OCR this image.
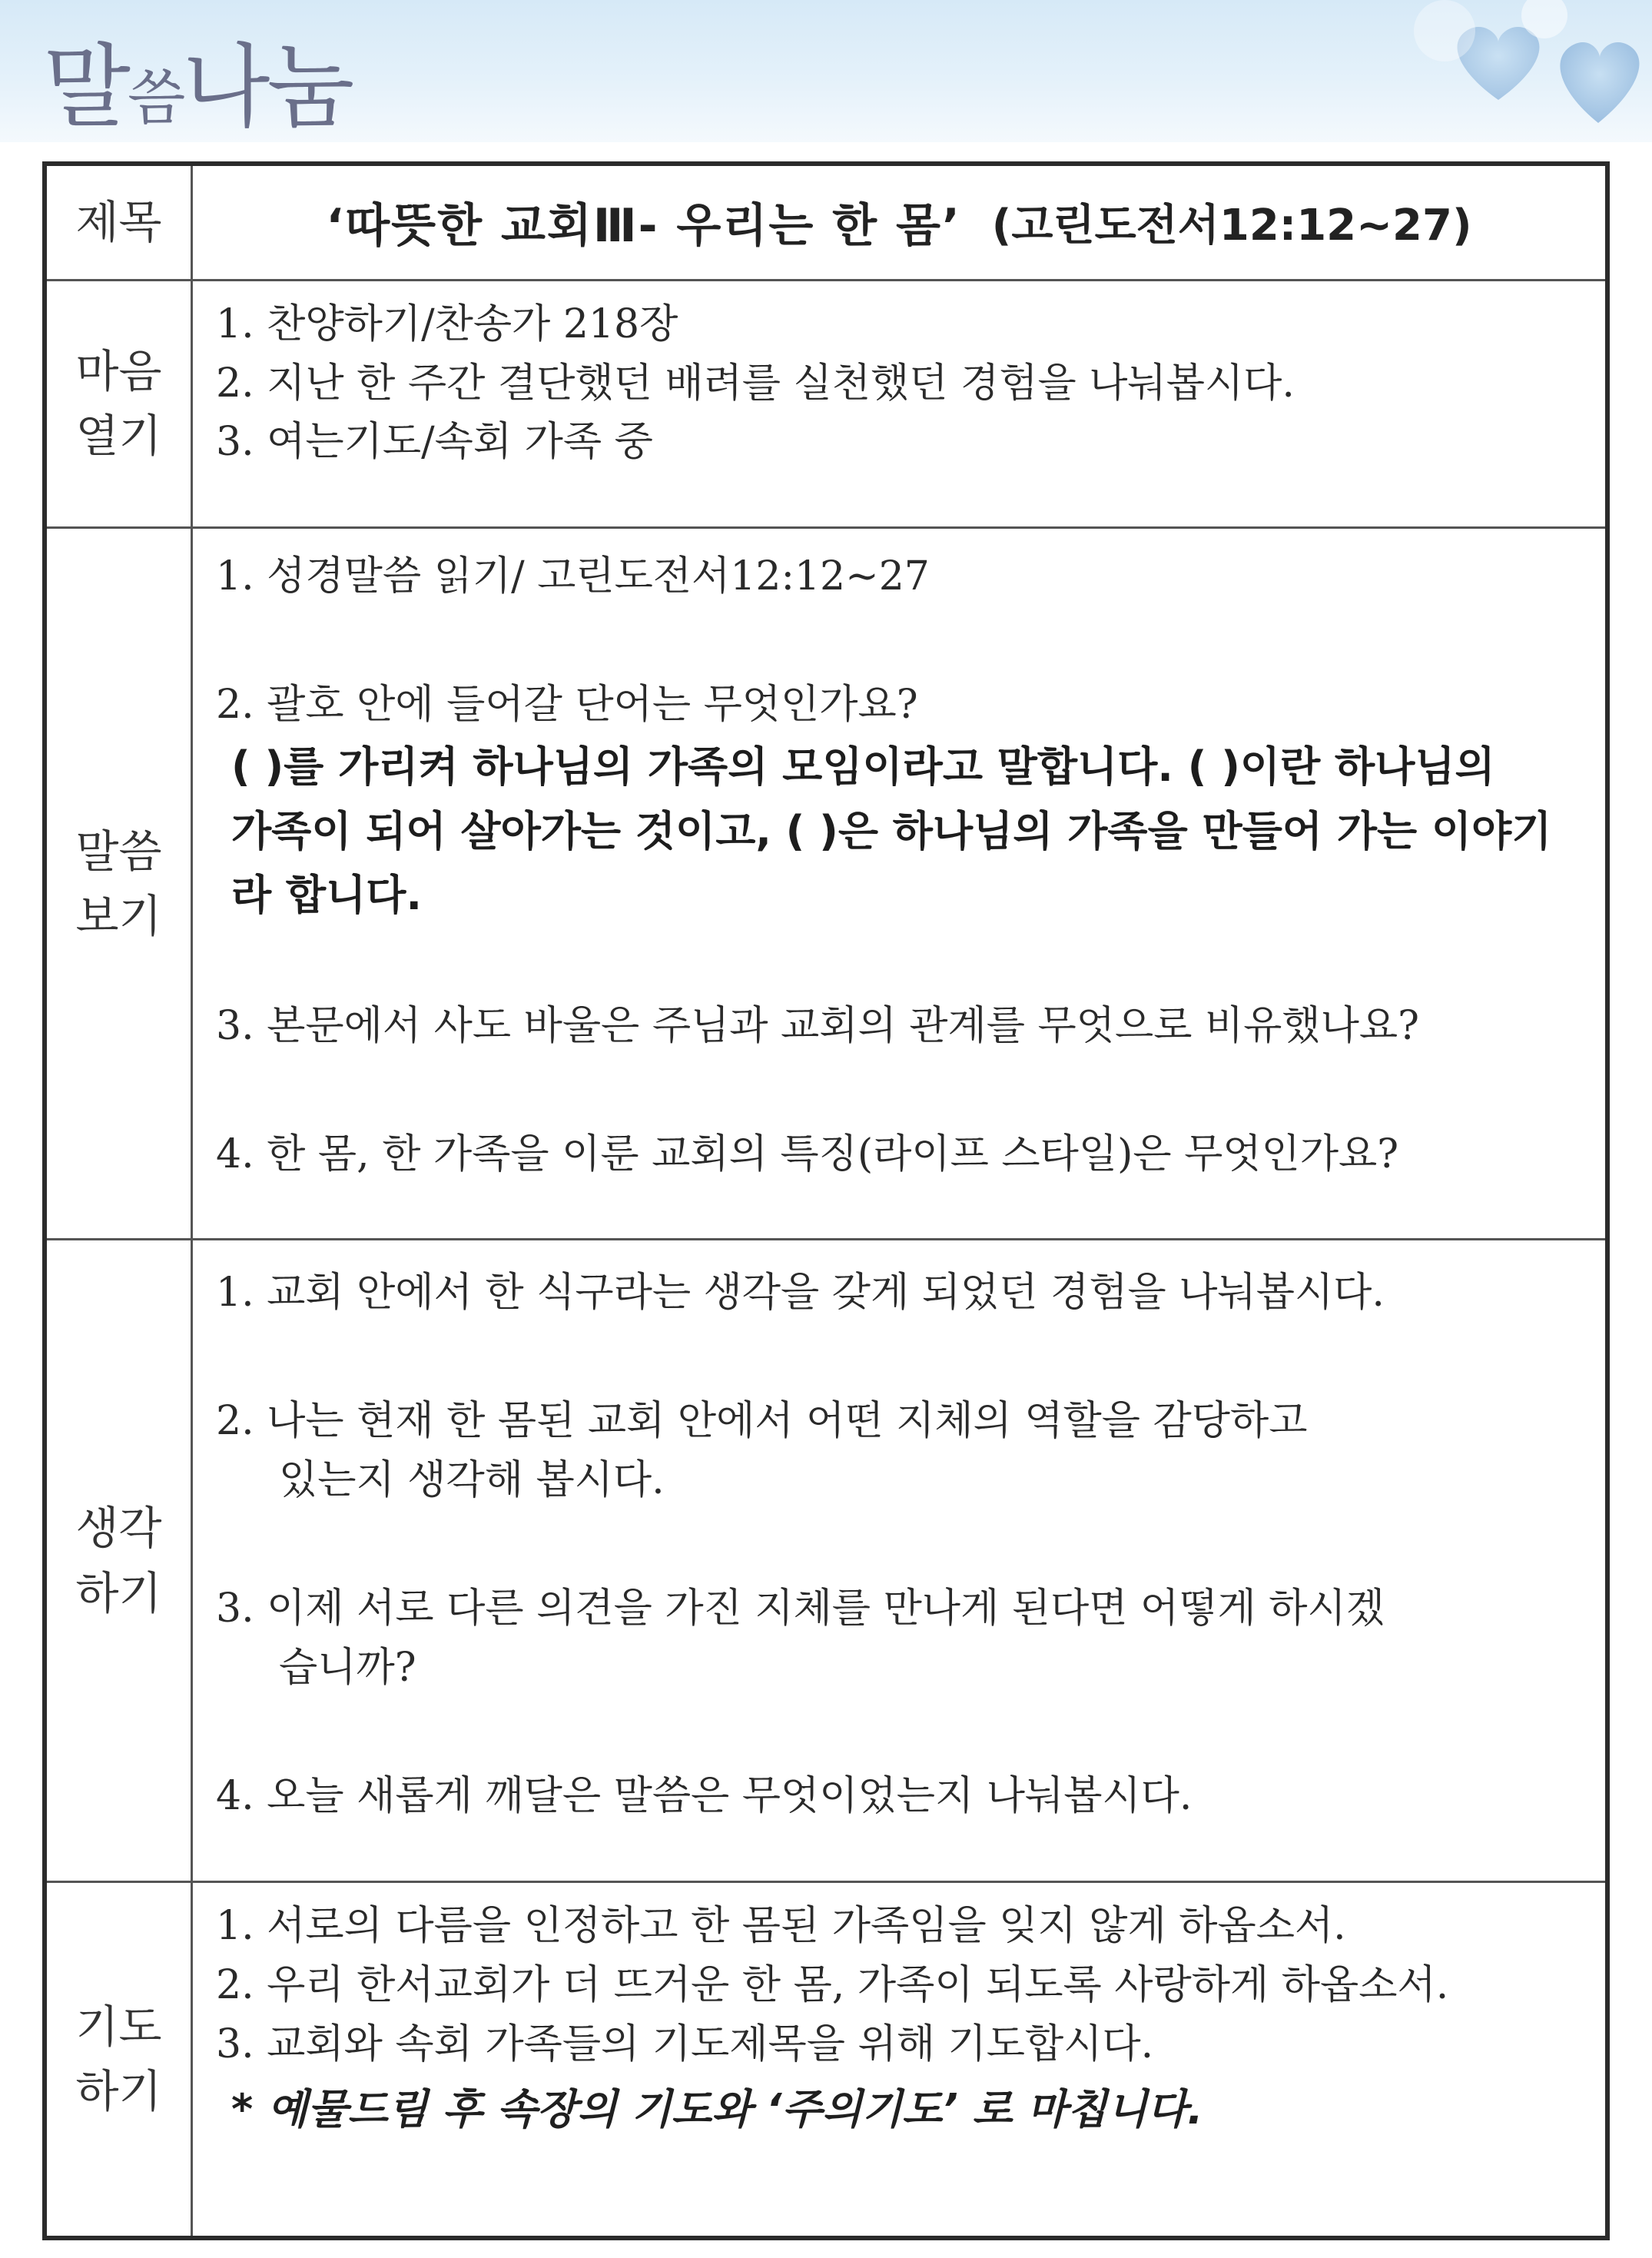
말씀나눔
제목	‘따뜻한 교회Ⅲ- 우리는 한 몸’ (고린도전서12:12~27)
마음
열기

1. 찬양하기/찬송가 218장

2. 지난 한 주간 결단했던 배려를 실천했던 경험을 나눠봅시다.

3. 여는기도/속회 가족 중

말씀
보기

1. 성경말씀 읽기/ 고린도전서12:12~27

2. 괄호 안에 들어갈 단어는 무엇인가요?

( )를 가리켜 하나님의 가족의 모임이라고 말합니다. ( )이란 하나님의
가족이 되어 살아가는 것이고, ( )은 하나님의 가족을 만들어 가는 이야기
라 합니다.

3. 본문에서 사도 바울은 주님과 교회의 관계를 무엇으로 비유했나요?

4. 한 몸, 한 가족을 이룬 교회의 특징(라이프 스타일)은 무엇인가요?

생각
하기

1. 교회 안에서 한 식구라는 생각을 갖게 되었던 경험을 나눠봅시다.

2. 나는 현재 한 몸된 교회 안에서 어떤 지체의 역할을 감당하고
있는지 생각해 봅시다.

3. 이제 서로 다른 의견을 가진 지체를 만나게 된다면 어떻게 하시겠
습니까?

4. 오늘 새롭게 깨달은 말씀은 무엇이었는지 나눠봅시다.

기도
하기

1. 서로의 다름을 인정하고 한 몸된 가족임을 잊지 않게 하옵소서.

2. 우리 한서교회가 더 뜨거운 한 몸, 가족이 되도록 사랑하게 하옵소서.

3. 교회와 속회 가족들의 기도제목을 위해 기도합시다.

* 예물드림 후 속장의 기도와 ‘주의기도’ 로 마칩니다.
